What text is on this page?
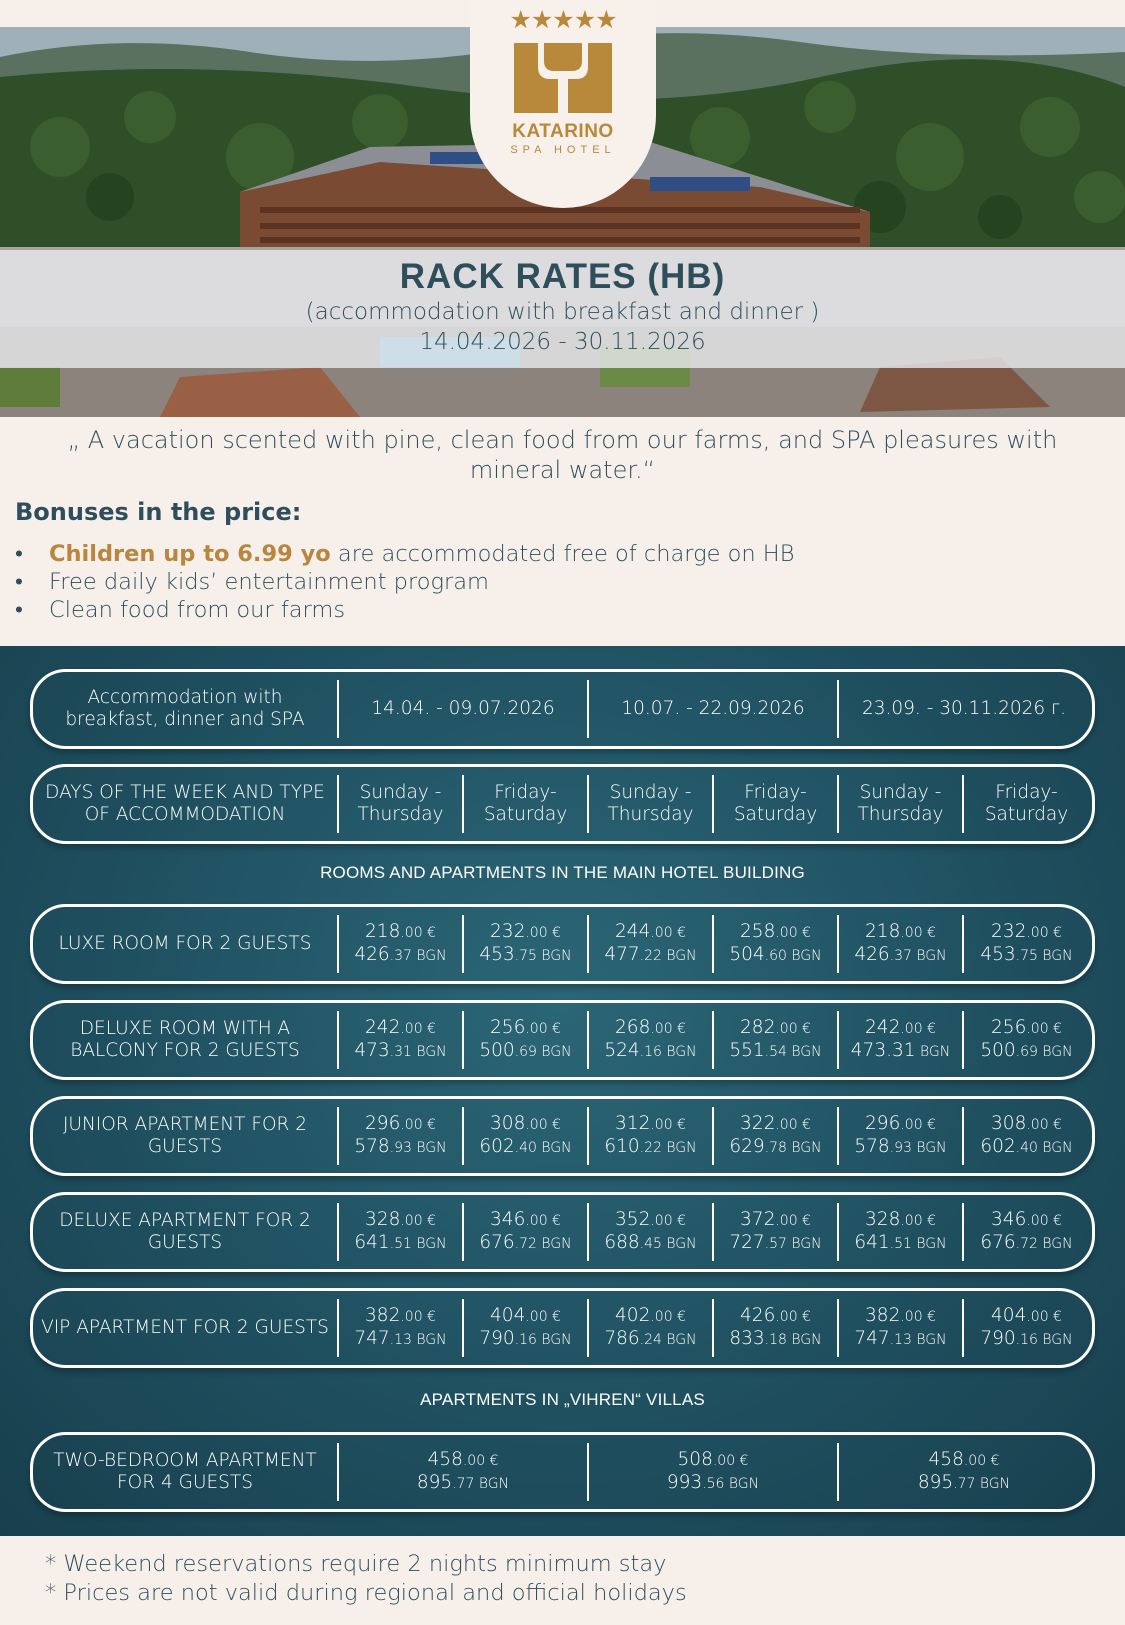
RACK RATES (HB)
(accommodation with breakfast and dinner )
14.04.2026 - 30.11.2026
★★★★★
KATARINO
SPA HOTEL
„ A vacation scented with pine, clean food from our farms, and SPA pleasures with mineral water.“
Bonuses in the price:
• Children up to 6.99 yo are accommodated free of charge on HB
• Free daily kids’ entertainment program
• Clean food from our farms
Accommodation with breakfast, dinner and SPA
14.04. - 09.07.2026	10.07. - 22.09.2026	23.09. - 30.11.2026 г.
DAYS OF THE WEEK AND TYPE OF ACCOMMODATION
Sunday - Thursday
Friday- Saturday
Sunday - Thursday
Friday- Saturday
Sunday - Thursday
Friday- Saturday
ROOMS AND APARTMENTS IN THE MAIN HOTEL BUILDING
LUXE ROOM FOR 2 GUESTS
218.00 €
426.37 BGN
232.00 €
453.75 BGN
244.00 €
477.22 BGN
258.00 €
504.60 BGN
218.00 €
426.37 BGN
232.00 €
453.75 BGN
DELUXE ROOM WITH A BALCONY FOR 2 GUESTS
242.00 €
473.31 BGN
256.00 €
500.69 BGN
268.00 €
524.16 BGN
282.00 €
551.54 BGN
242.00 €
473.31 BGN
256.00 €
500.69 BGN
JUNIOR APARTMENT FOR 2 GUESTS
296.00 €
578.93 BGN
308.00 €
602.40 BGN
312.00 €
610.22 BGN
322.00 €
629.78 BGN
296.00 €
578.93 BGN
308.00 €
602.40 BGN
DELUXE APARTMENT FOR 2 GUESTS
328.00 €
641.51 BGN
346.00 €
676.72 BGN
352.00 €
688.45 BGN
372.00 €
727.57 BGN
328.00 €
641.51 BGN
346.00 €
676.72 BGN
VIP APARTMENT FOR 2 GUESTS
382.00 €
747.13 BGN
404.00 €
790.16 BGN
402.00 €
786.24 BGN
426.00 €
833.18 BGN
382.00 €
747.13 BGN
404.00 €
790.16 BGN
APARTMENTS IN „VIHREN“ VILLAS
TWO-BEDROOM APARTMENT FOR 4 GUESTS
458.00 €
895.77 BGN
508.00 €
993.56 BGN
458.00 €
895.77 BGN
* Weekend reservations require 2 nights minimum stay
* Prices are not valid during regional and official holidays
